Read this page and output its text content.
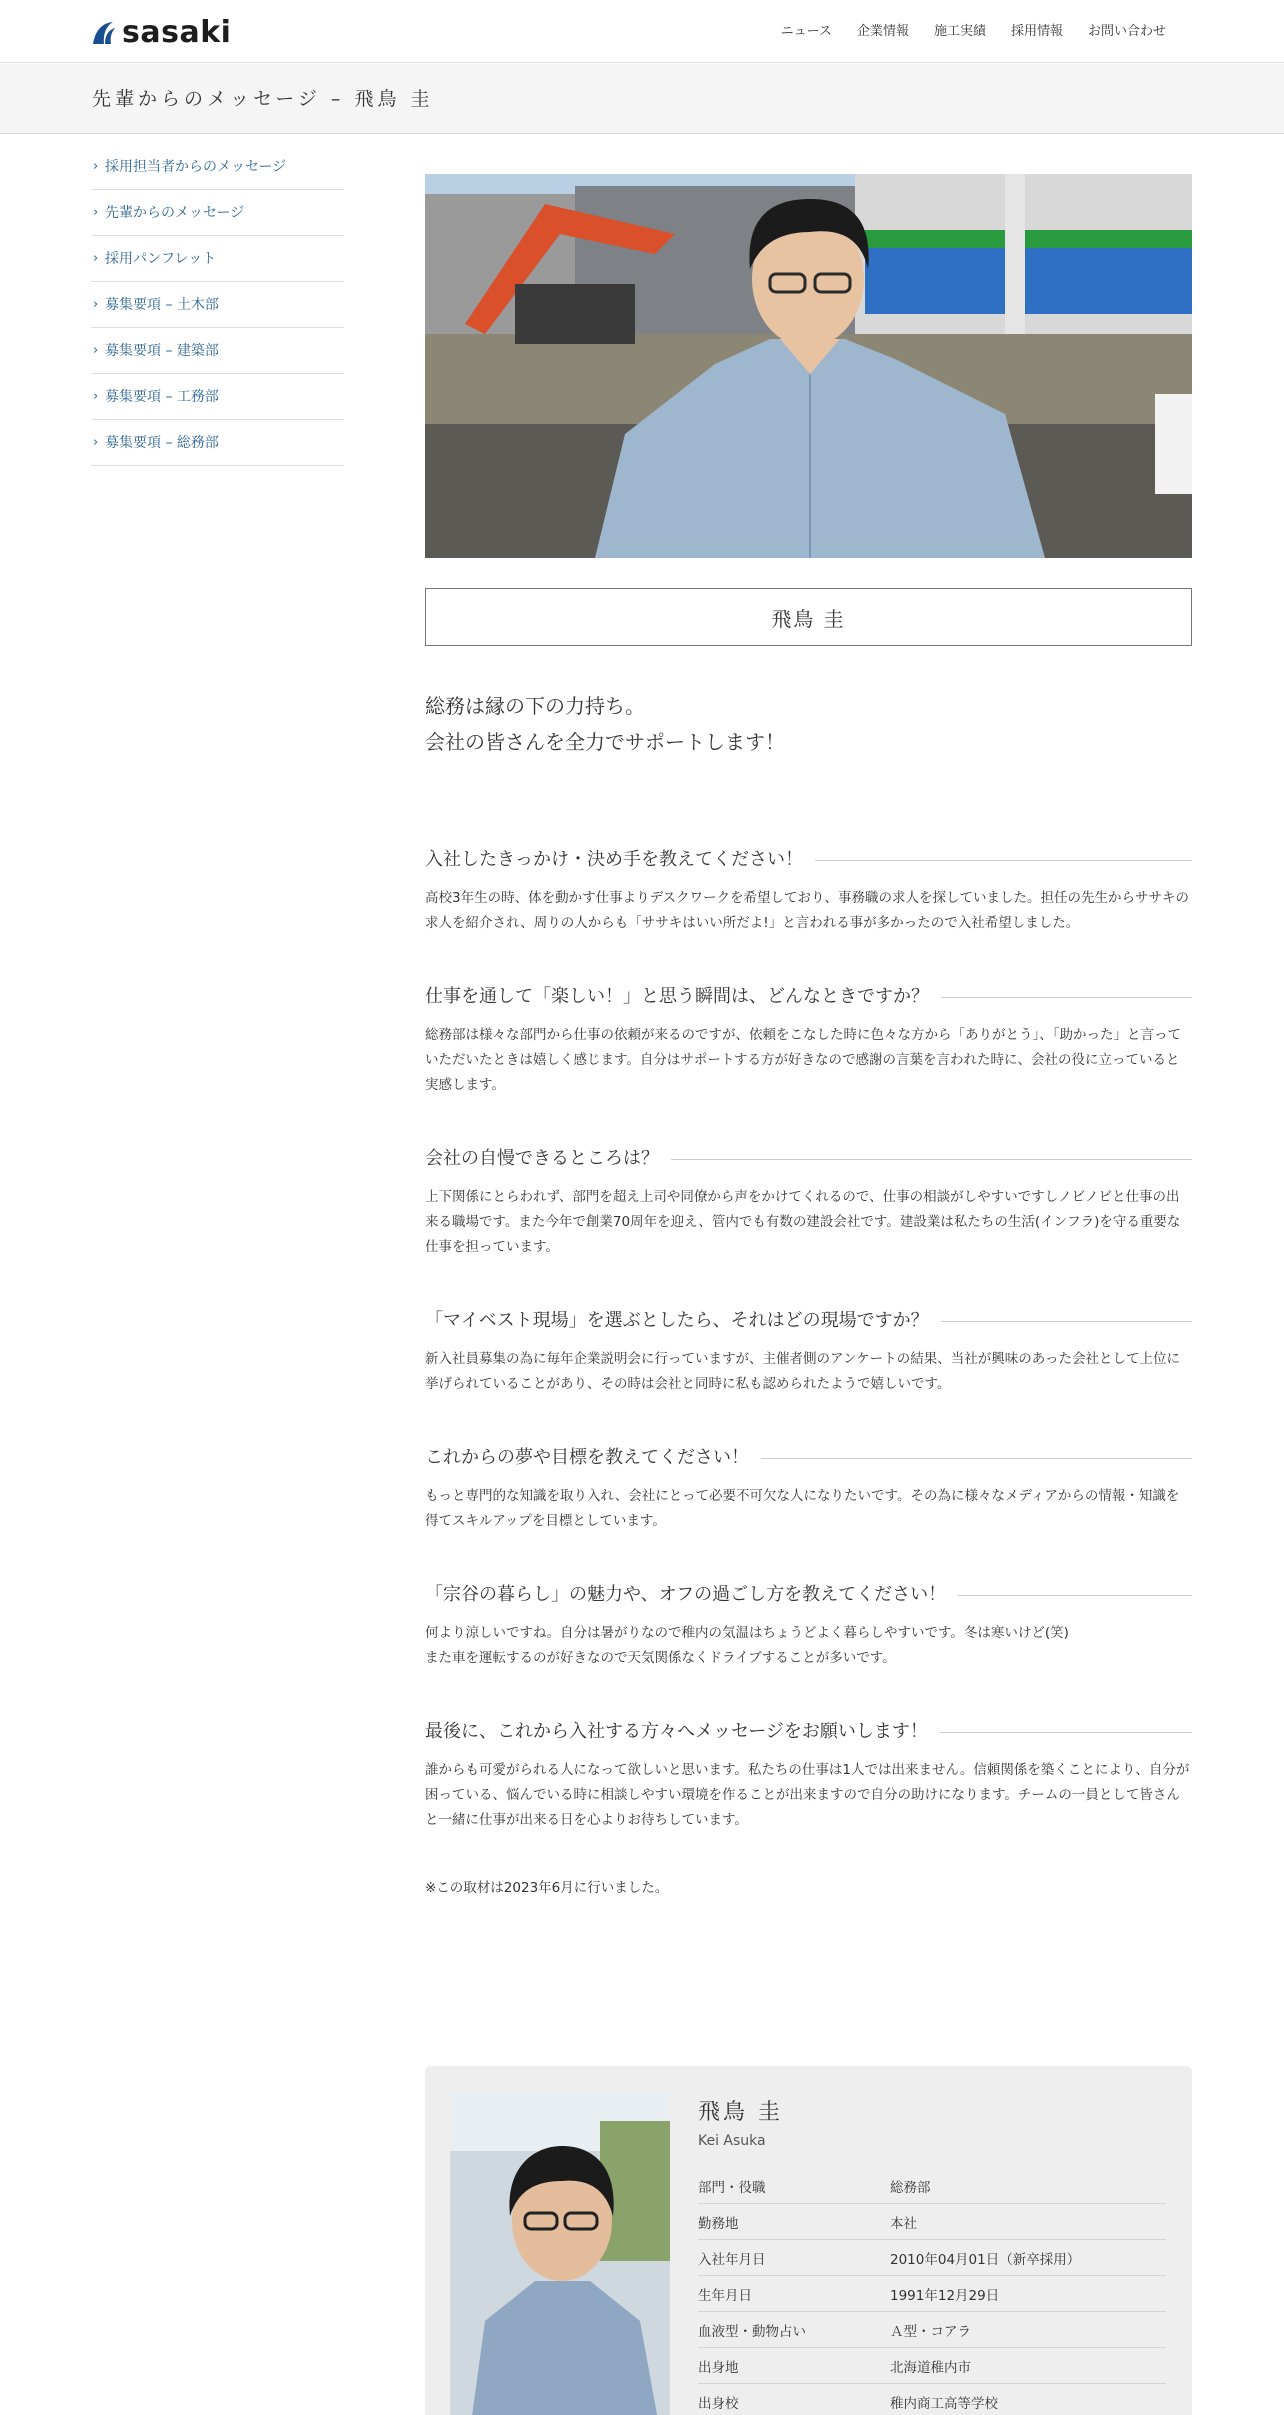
sasaki	ニュース 企業情報 施工実績 採用情報 お問い合わせ
先輩からのメッセージ – 飛鳥 圭
› 採用担当者からのメッセージ
› 先輩からのメッセージ
› 採用パンフレット
› 募集要項 – 土木部
› 募集要項 – 建築部
› 募集要項 – 工務部
› 募集要項 – 総務部
飛鳥 圭
総務は縁の下の力持ち。
会社の皆さんを全力でサポートします！
入社したきっかけ・決め手を教えてください！

高校3年生の時、体を動かす仕事よりデスクワークを希望しており、事務職の求人を探していました。担任の先生からササキの求人を紹介され、周りの人からも「ササキはいい所だよ!」と言われる事が多かったので入社希望しました。

仕事を通して「楽しい！」と思う瞬間は、どんなときですか？

総務部は様々な部門から仕事の依頼が来るのですが、依頼をこなした時に色々な方から「ありがとう」、「助かった」と言っていただいたときは嬉しく感じます。自分はサポートする方が好きなので感謝の言葉を言われた時に、会社の役に立っていると実感します。

会社の自慢できるところは？

上下関係にとらわれず、部門を超え上司や同僚から声をかけてくれるので、仕事の相談がしやすいですしノビノビと仕事の出来る職場です。また今年で創業70周年を迎え、管内でも有数の建設会社です。建設業は私たちの生活(インフラ)を守る重要な仕事を担っています。

「マイベスト現場」を選ぶとしたら、それはどの現場ですか？

新入社員募集の為に毎年企業説明会に行っていますが、主催者側のアンケートの結果、当社が興味のあった会社として上位に挙げられていることがあり、その時は会社と同時に私も認められたようで嬉しいです。

これからの夢や目標を教えてください！

もっと専門的な知識を取り入れ、会社にとって必要不可欠な人になりたいです。その為に様々なメディアからの情報・知識を得てスキルアップを目標としています。

「宗谷の暮らし」の魅力や、オフの過ごし方を教えてください！
何より涼しいですね。自分は暑がりなので稚内の気温はちょうどよく暮らしやすいです。冬は寒いけど(笑)
また車を運転するのが好きなので天気関係なくドライブすることが多いです。
最後に、これから入社する方々へメッセージをお願いします！

誰からも可愛がられる人になって欲しいと思います。私たちの仕事は1人では出来ません。信頼関係を築くことにより、自分が困っている、悩んでいる時に相談しやすい環境を作ることが出来ますので自分の助けになります。チームの一員として皆さんと一緒に仕事が出来る日を心よりお待ちしています。

※この取材は2023年6月に行いました。

飛鳥 圭
Kei Asuka
部門・役職	総務部
勤務地	本社
入社年月日	2010年04月01日（新卒採用）
生年月日	1991年12月29日
血液型・動物占い	Ａ型・コアラ
出身地	北海道稚内市
出身校	稚内商工高等学校
